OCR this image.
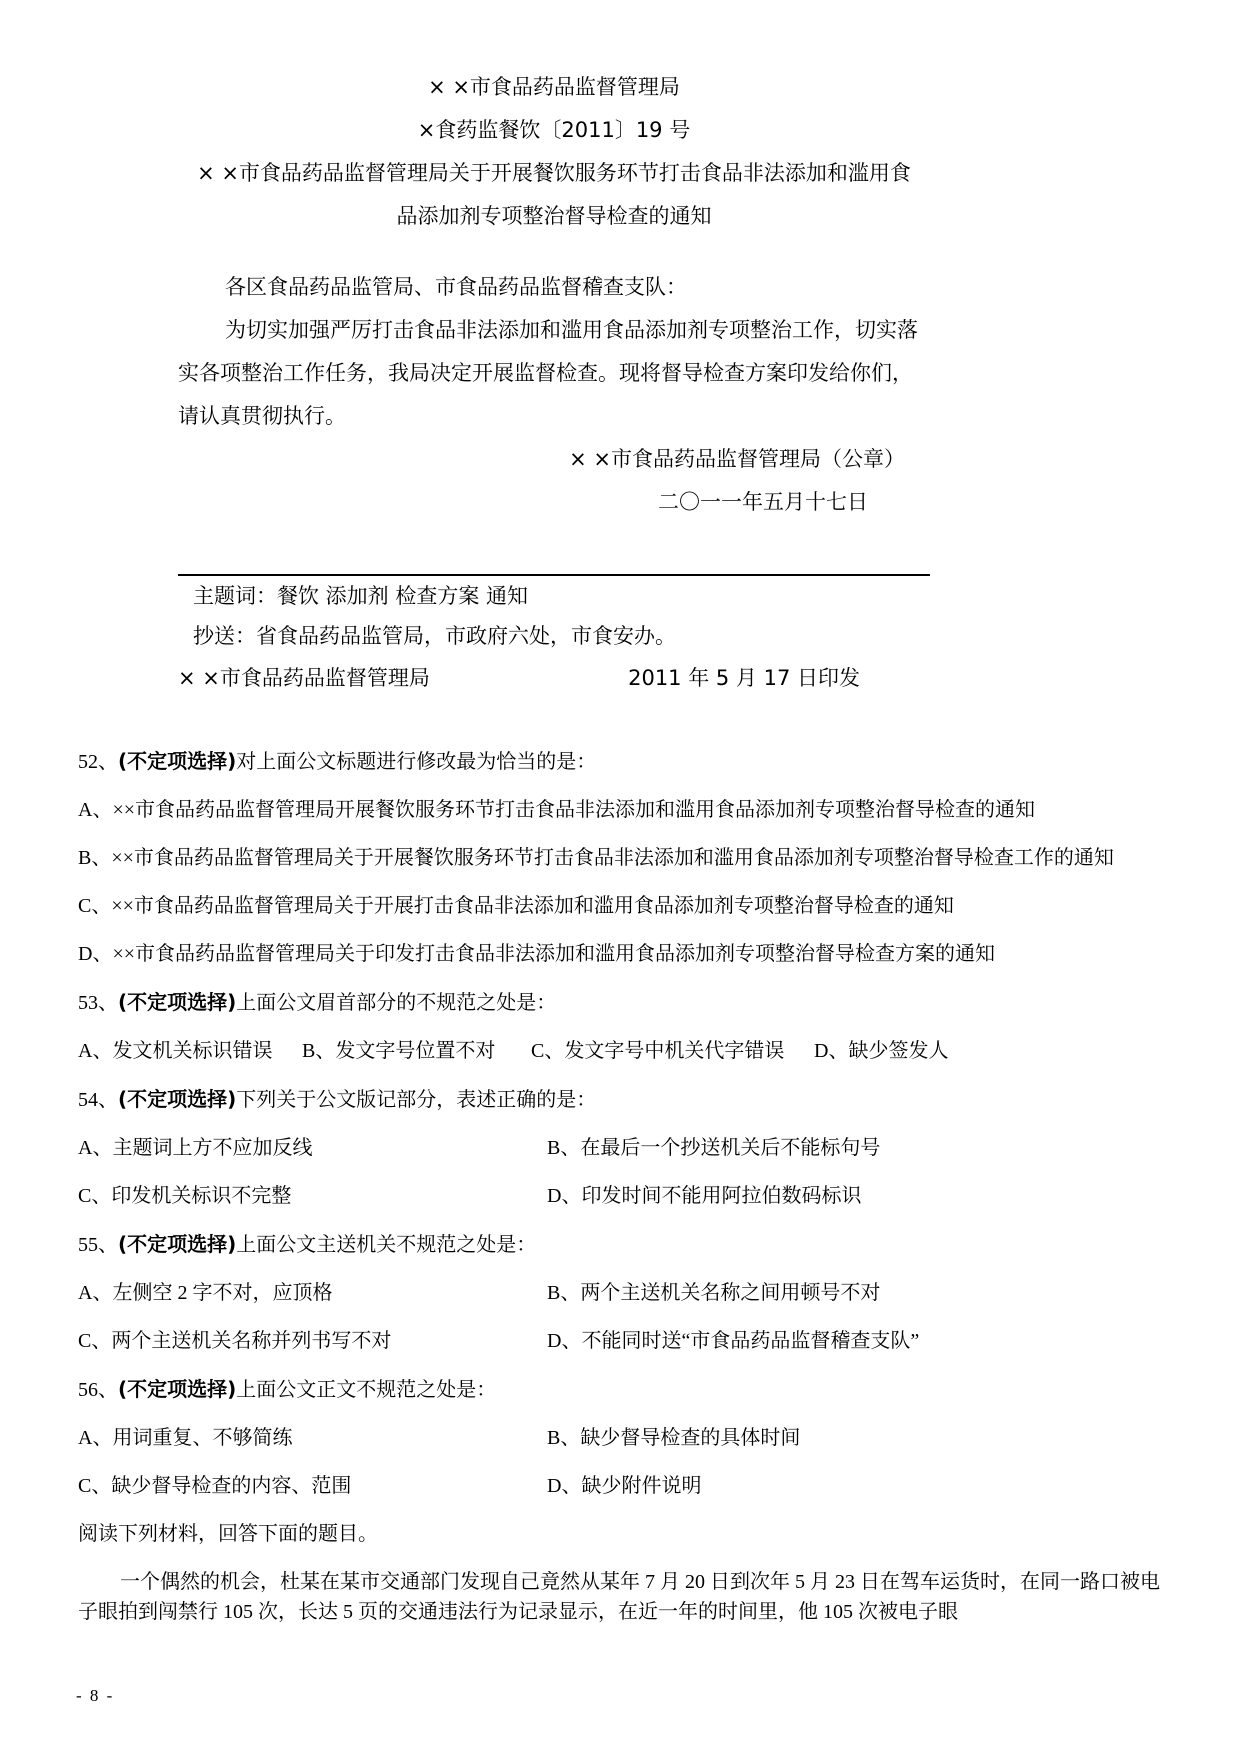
× ×市食品药品监督管理局
×食药监餐饮〔2011〕19 号
× ×市食品药品监督管理局关于开展餐饮服务环节打击食品非法添加和滥用食
品添加剂专项整治督导检查的通知
各区食品药品监管局、市食品药品监督稽查支队：
为切实加强严厉打击食品非法添加和滥用食品添加剂专项整治工作，切实落
实各项整治工作任务，我局决定开展监督检查。现将督导检查方案印发给你们，
请认真贯彻执行。
× ×市食品药品监督管理局（公章）
二〇一一年五月十七日
主题词：餐饮 添加剂 检查方案 通知
抄送：省食品药品监管局，市政府六处，市食安办。
× ×市食品药品监督管理局	2011 年 5 月 17 日印发
52、(不定项选择)对上面公文标题进行修改最为恰当的是：
A、××市食品药品监督管理局开展餐饮服务环节打击食品非法添加和滥用食品添加剂专项整治督导检查的通知
B、××市食品药品监督管理局关于开展餐饮服务环节打击食品非法添加和滥用食品添加剂专项整治督导检查工作的通知
C、××市食品药品监督管理局关于开展打击食品非法添加和滥用食品添加剂专项整治督导检查的通知
D、××市食品药品监督管理局关于印发打击食品非法添加和滥用食品添加剂专项整治督导检查方案的通知
53、(不定项选择)上面公文眉首部分的不规范之处是：
A、发文机关标识错误	B、发文字号位置不对	C、发文字号中机关代字错误	D、缺少签发人
54、(不定项选择)下列关于公文版记部分，表述正确的是：
A、主题词上方不应加反线	B、在最后一个抄送机关后不能标句号
C、印发机关标识不完整	D、印发时间不能用阿拉伯数码标识
55、(不定项选择)上面公文主送机关不规范之处是：
A、左侧空 2 字不对，应顶格	B、两个主送机关名称之间用顿号不对
C、两个主送机关名称并列书写不对	D、不能同时送“市食品药品监督稽查支队”
56、(不定项选择)上面公文正文不规范之处是：
A、用词重复、不够简练	B、缺少督导检查的具体时间
C、缺少督导检查的内容、范围	D、缺少附件说明
阅读下列材料，回答下面的题目。
一个偶然的机会，杜某在某市交通部门发现自己竟然从某年 7 月 20 日到次年 5 月 23 日在驾车运货时，在同一路口被电子眼拍到闯禁行 105 次，长达 5 页的交通违法行为记录显示，在近一年的时间里，他 105 次被电子眼
- 8 -
